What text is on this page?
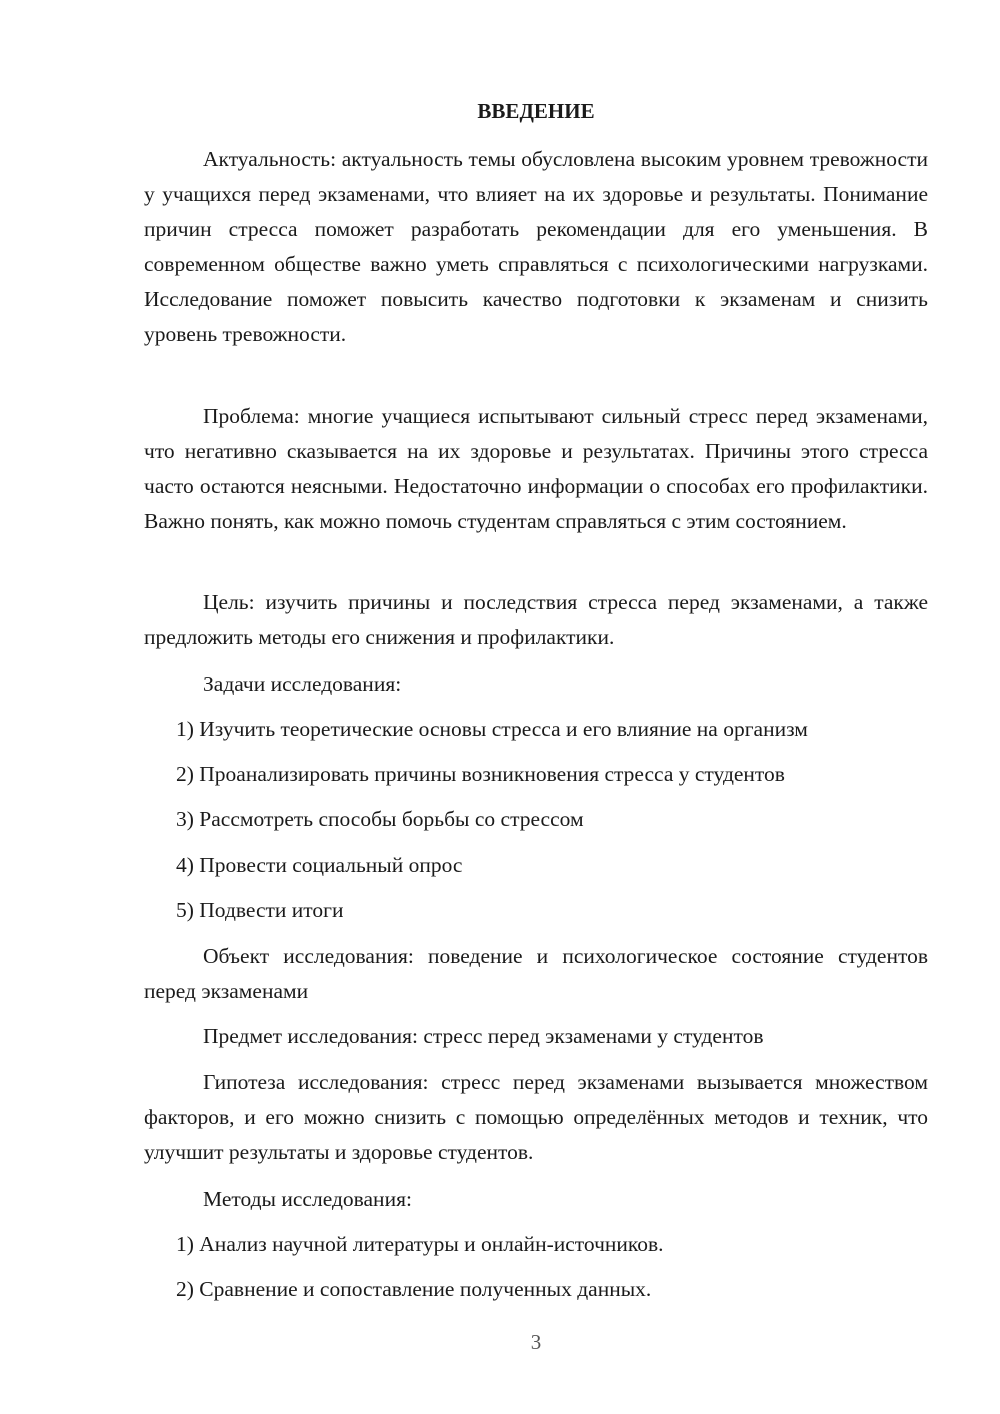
ВВЕДЕНИЕ

Актуальность: актуальность темы обусловлена высоким уровнем тревожности у учащихся перед экзаменами, что влияет на их здоровье и результаты. Понимание причин стресса поможет разработать рекомендации для его уменьшения. В современном обществе важно уметь справляться с психологическими нагрузками. Исследование поможет повысить качество подготовки к экзаменам и снизить уровень тревожности.

Проблема: многие учащиеся испытывают сильный стресс перед экзаменами, что негативно сказывается на их здоровье и результатах. Причины этого стресса часто остаются неясными. Недостаточно информации о способах его профилактики. Важно понять, как можно помочь студентам справляться с этим состоянием.

Цель: изучить причины и последствия стресса перед экзаменами, а также предложить методы его снижения и профилактики.

Задачи исследования:

1) Изучить теоретические основы стресса и его влияние на организм

2) Проанализировать причины возникновения стресса у студентов

3) Рассмотреть способы борьбы со стрессом

4) Провести социальный опрос

5) Подвести итоги

Объект исследования: поведение и психологическое состояние студентов перед экзаменами

Предмет исследования: стресс перед экзаменами у студентов

Гипотеза исследования: стресс перед экзаменами вызывается множеством факторов, и его можно снизить с помощью определённых методов и техник, что улучшит результаты и здоровье студентов.

Методы исследования:

1) Анализ научной литературы и онлайн-источников.

2) Сравнение и сопоставление полученных данных.

3
